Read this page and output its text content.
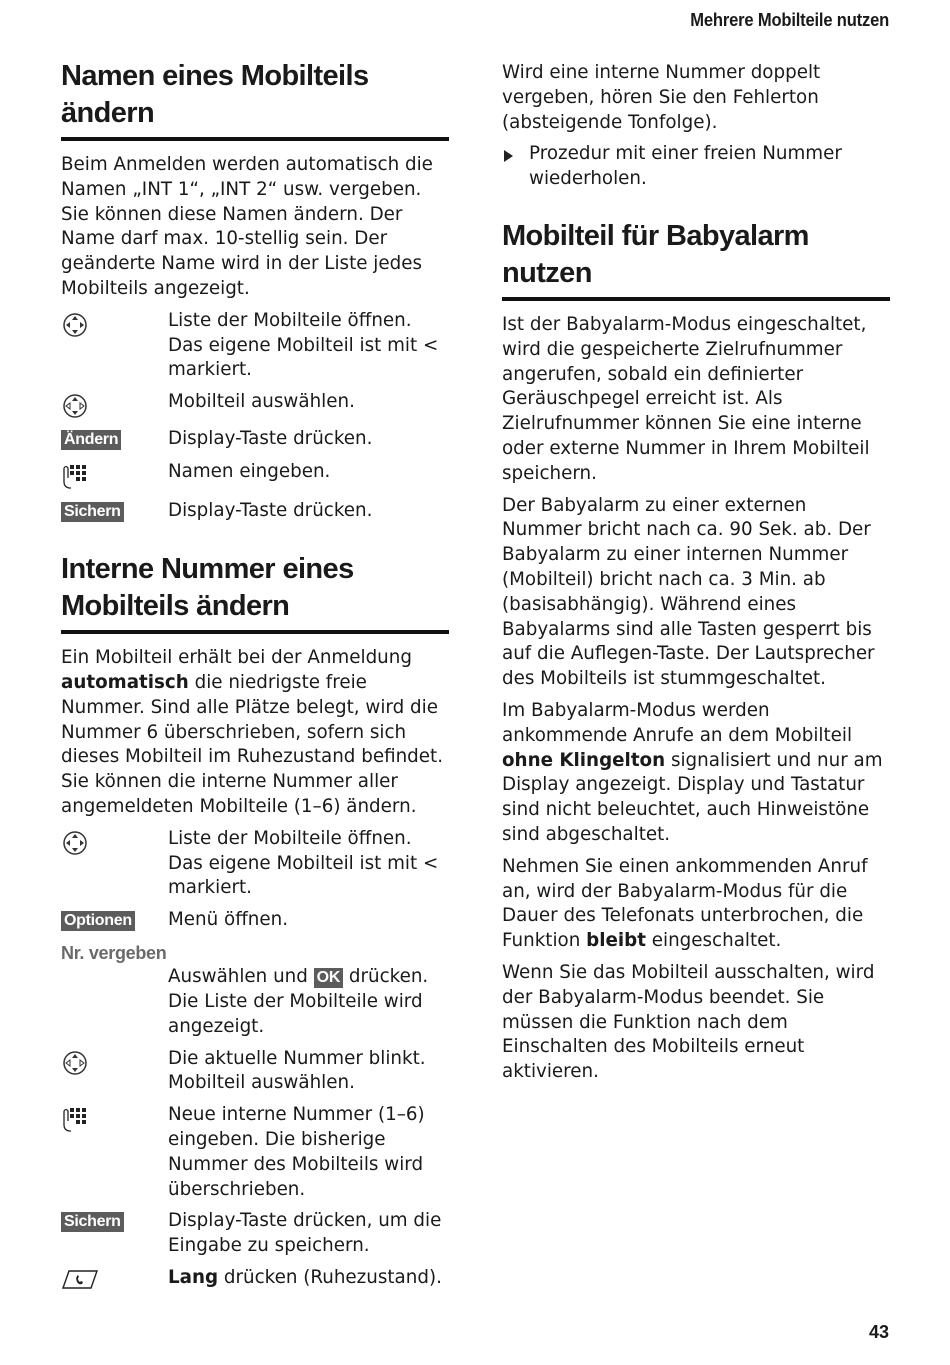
Mehrere Mobilteile nutzen
Namen eines Mobilteils ändern

Beim Anmelden werden automatisch die Namen „INT 1“, „INT 2“ usw. vergeben. Sie können diese Namen ändern. Der Name darf max. 10-stellig sein. Der geänderte Name wird in der Liste jedes Mobilteils angezeigt.

Liste der Mobilteile öffnen. Das eigene Mobilteil ist mit < markiert.
Mobilteil auswählen.
Ändern	Display-Taste drücken.
Namen eingeben.
Sichern	Display-Taste drücken.
Interne Nummer eines Mobilteils ändern

Ein Mobilteil erhält bei der Anmeldung automatisch die niedrigste freie Nummer. Sind alle Plätze belegt, wird die Nummer 6 überschrieben, sofern sich dieses Mobilteil im Ruhezustand befindet. Sie können die interne Nummer aller angemeldeten Mobilteile (1–6) ändern.

Liste der Mobilteile öffnen. Das eigene Mobilteil ist mit < markiert.
Optionen	Menü öffnen.
Nr. vergeben
Auswählen und OK drücken. Die Liste der Mobilteile wird angezeigt.
Die aktuelle Nummer blinkt. Mobilteil auswählen.
Neue interne Nummer (1–6) eingeben. Die bisherige Nummer des Mobilteils wird überschrieben.
Sichern	Display-Taste drücken, um die Eingabe zu speichern.
Lang drücken (Ruhezustand).

Wird eine interne Nummer doppelt vergeben, hören Sie den Fehlerton (absteigende Tonfolge).

Prozedur mit einer freien Nummer wiederholen.
Mobilteil für Babyalarm nutzen

Ist der Babyalarm-Modus eingeschaltet, wird die gespeicherte Zielrufnummer angerufen, sobald ein definierter Geräuschpegel erreicht ist. Als Zielrufnummer können Sie eine interne oder externe Nummer in Ihrem Mobilteil speichern.

Der Babyalarm zu einer externen Nummer bricht nach ca. 90 Sek. ab. Der Babyalarm zu einer internen Nummer (Mobilteil) bricht nach ca. 3 Min. ab (basisabhängig). Während eines Babyalarms sind alle Tasten gesperrt bis auf die Auflegen-Taste. Der Lautsprecher des Mobilteils ist stummgeschaltet.

Im Babyalarm-Modus werden ankommende Anrufe an dem Mobilteil ohne Klingelton signalisiert und nur am Display angezeigt. Display und Tastatur sind nicht beleuchtet, auch Hinweistöne sind abgeschaltet.

Nehmen Sie einen ankommenden Anruf an, wird der Babyalarm-Modus für die Dauer des Telefonats unterbrochen, die Funktion bleibt eingeschaltet.

Wenn Sie das Mobilteil ausschalten, wird der Babyalarm-Modus beendet. Sie müssen die Funktion nach dem Einschalten des Mobilteils erneut aktivieren.

43
